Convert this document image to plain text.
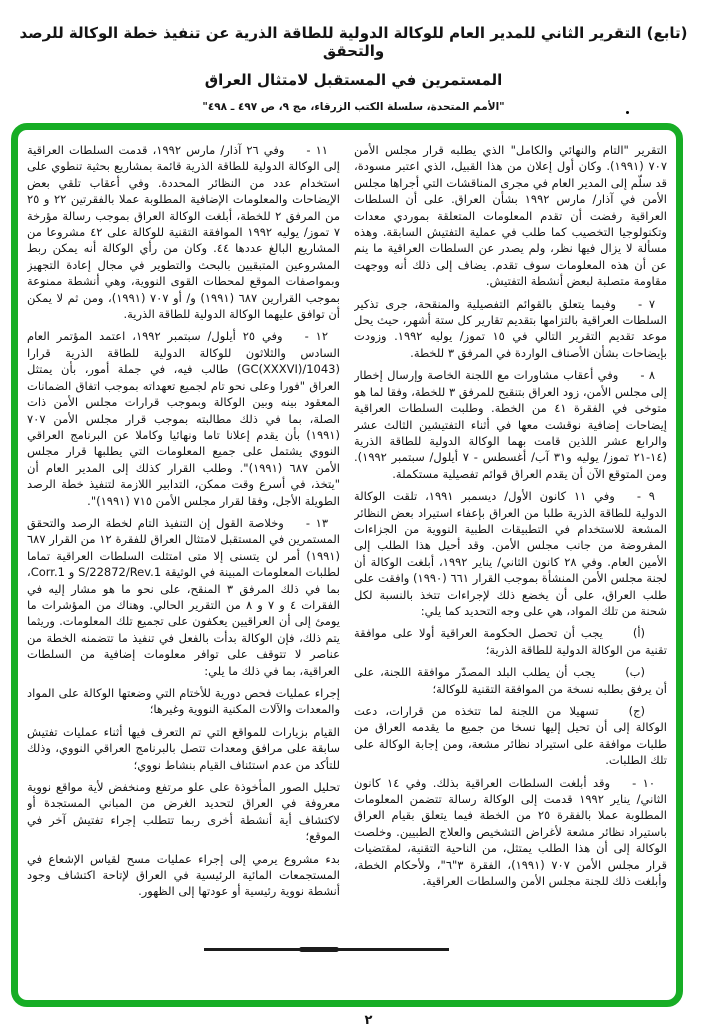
(تابع) التقرير الثاني للمدير العام للوكالة الدولية للطاقة الذرية عن تنفيذ خطة الوكالة للرصد والتحقق
المستمرين في المستقبل لامتثال العراق
"الأمم المتحدة، سلسلة الكتب الزرقاء، مج ٩، ص ٤٩٧ ـ ٤٩٨"

التقرير "التام والنهائي والكامل" الذي يطلبه قرار مجلس الأمن ٧٠٧ (١٩٩١). وكان أول إعلان من هذا القبيل، الذي اعتبر مسودة، قد سلّم إلى المدير العام في مجرى المناقشات التي أجراها مجلس الأمن في آذار/ مارس ١٩٩٢ بشأن العراق. على أن السلطات العراقية رفضت أن تقدم المعلومات المتعلقة بموردي معدات وتكنولوجيا التخصيب كما طلب في عملية التفتيش السابقة. وهذه مسألة لا يزال فيها نظر، ولم يصدر عن السلطات العراقية ما ينم عن أن هذه المعلومات سوف تقدم. يضاف إلى ذلك أنه ووجهت مقاومة متصلبة لبعض أنشطة التفتيش.

٧ -وفيما يتعلق بالقوائم التفصيلية والمنقحة، جرى تذكير السلطات العراقية بالتزامها بتقديم تقارير كل ستة أشهر، حيث يحل موعد تقديم التقرير التالي في ١٥ تموز/ يوليه ١٩٩٢. وزودت بإيضاحات بشأن الأصناف الواردة في المرفق ٣ للخطة.

٨ -وفي أعقاب مشاورات مع اللجنة الخاصة وإرسال إخطار إلى مجلس الأمن، زود العراق بتنقيح للمرفق ٣ للخطة، وفقا لما هو متوخى في الفقرة ٤١ من الخطة. وطلبت السلطات العراقية إيضاحات إضافية نوقشت معها في أثناء التفتيشين الثالث عشر والرابع عشر اللذين قامت بهما الوكالة الدولية للطاقة الذرية (١٤-٢١ تموز/ يوليه و٣١ آب/ أغسطس - ٧ أيلول/ سبتمبر ١٩٩٢). ومن المتوقع الآن أن يقدم العراق قوائم تفصيلية مستكملة.

٩ -وفي ١١ كانون الأول/ ديسمبر ١٩٩١، تلقت الوكالة الدولية للطاقة الذرية طلبا من العراق بإعفاء استيراد بعض النظائر المشعة للاستخدام في التطبيقات الطبية النووية من الجزاءات المفروضة من جانب مجلس الأمن. وقد أحيل هذا الطلب إلى الأمين العام. وفي ٢٨ كانون الثاني/ يناير ١٩٩٢، أبلغت الوكالة أن لجنة مجلس الأمن المنشأة بموجب القرار ٦٦١ (١٩٩٠) وافقت على طلب العراق، على أن يخضع ذلك لإجراءات تتخذ بالنسبة لكل شحنة من تلك المواد، هي على وجه التحديد كما يلي:

(أ)يجب أن تحصل الحكومة العراقية أولا على موافقة تقنية من الوكالة الدولية للطاقة الذرية؛

(ب)يجب أن يطلب البلد المصدّر موافقة اللجنة، على أن يرفق بطلبه نسخة من الموافقة التقنية للوكالة؛

(ج)تسهيلا من اللجنة لما تتخذه من قرارات، دعت الوكالة إلى أن تحيل إليها نسخا من جميع ما يقدمه العراق من طلبات موافقة على استيراد نظائر مشعة، ومن إجابة الوكالة على تلك الطلبات.

١٠ -وقد أبلغت السلطات العراقية بذلك. وفي ١٤ كانون الثاني/ يناير ١٩٩٢ قدمت إلى الوكالة رسالة تتضمن المعلومات المطلوبة عملا بالفقرة ٢٥ من الخطة فيما يتعلق بقيام العراق باستيراد نظائر مشعة لأغراض التشخيص والعلاج الطبيين. وخلصت الوكالة إلى أن هذا الطلب يمتثل، من الناحية التقنية، لمقتضيات قرار مجلس الأمن ٧٠٧ (١٩٩١)، الفقرة ٣"٦"، ولأحكام الخطة، وأبلغت ذلك للجنة مجلس الأمن والسلطات العراقية.

١١ -وفي ٢٦ آذار/ مارس ١٩٩٢، قدمت السلطات العراقية إلى الوكالة الدولية للطاقة الذرية قائمة بمشاريع بحثية تنطوي على استخدام عدد من النظائر المحددة. وفي أعقاب تلقي بعض الإيضاحات والمعلومات الإضافية المطلوبة عملا بالفقرتين ٢٢ و ٢٥ من المرفق ٢ للخطة، أبلغت الوكالة العراق بموجب رسالة مؤرخة ٧ تموز/ يوليه ١٩٩٢ الموافقة التقنية للوكالة على ٤٢ مشروعا من المشاريع البالغ عددها ٤٤. وكان من رأي الوكالة أنه يمكن ربط المشروعين المتبقيين بالبحث والتطوير في مجال إعادة التجهيز وبمواصفات الموقع لمحطات القوى النووية، وهي أنشطة ممنوعة بموجب القرارين ٦٨٧ (١٩٩١) و/ أو ٧٠٧ (١٩٩١)، ومن ثم لا يمكن أن توافق عليهما الوكالة الدولية للطاقة الذرية.

١٢ -وفي ٢٥ أيلول/ سبتمبر ١٩٩٢، اعتمد المؤتمر العام السادس والثلاثون للوكالة الدولية للطاقة الذرية قرارا (GC(XXXVI)/1043) طالب فيه، في جملة أمور، بأن يمتثل العراق "فورا وعلى نحو تام لجميع تعهداته بموجب اتفاق الضمانات المعقود بينه وبين الوكالة وبموجب قرارات مجلس الأمن ذات الصلة، بما في ذلك مطالبته بموجب قرار مجلس الأمن ٧٠٧ (١٩٩١) بأن يقدم إعلانا تاما ونهائيا وكاملا عن البرنامج العراقي النووي يشتمل على جميع المعلومات التي يطلبها قرار مجلس الأمن ٦٨٧ (١٩٩١)". وطلب القرار كذلك إلى المدير العام أن "يتخذ، في أسرع وقت ممكن، التدابير اللازمة لتنفيذ خطة الرصد الطويلة الأجل، وفقا لقرار مجلس الأمن ٧١٥ (١٩٩١)".

١٣ -وخلاصة القول إن التنفيذ التام لخطة الرصد والتحقق المستمرين في المستقبل لامتثال العراق للفقرة ١٢ من القرار ٦٨٧ (١٩٩١) أمر لن يتسنى إلا متى امتثلت السلطات العراقية تماما لطلبات المعلومات المبينة في الوثيقة S/22872/Rev.1 و Corr.1، بما في ذلك المرفق ٣ المنقح، على نحو ما هو مشار إليه في الفقرات ٤ و ٧ و ٨ من التقرير الحالي. وهناك من المؤشرات ما يومئ إلى أن العراقيين يعكفون على تجميع تلك المعلومات. وريثما يتم ذلك، فإن الوكالة بدأت بالفعل في تنفيذ ما تتضمنه الخطة من عناصر لا تتوقف على توافر معلومات إضافية من السلطات العراقية، بما في ذلك ما يلي:

إجراء عمليات فحص دورية للأختام التي وضعتها الوكالة على المواد والمعدات والآلات المكنية النووية وغيرها؛

القيام بزيارات للمواقع التي تم التعرف فيها أثناء عمليات تفتيش سابقة على مرافق ومعدات تتصل بالبرنامج العراقي النووي، وذلك للتأكد من عدم استئناف القيام بنشاط نووي؛

تحليل الصور المأخوذة على علو مرتفع ومنخفض لأية مواقع نووية معروفة في العراق لتحديد الغرض من المباني المستجدة أو لاكتشاف أية أنشطة أخرى ربما تتطلب إجراء تفتيش آخر في الموقع؛

بدء مشروع يرمي إلى إجراء عمليات مسح لقياس الإشعاع في المستجمعات المائية الرئيسية في العراق لإتاحة اكتشاف وجود أنشطة نووية رئيسية أو عودتها إلى الظهور.

٢
